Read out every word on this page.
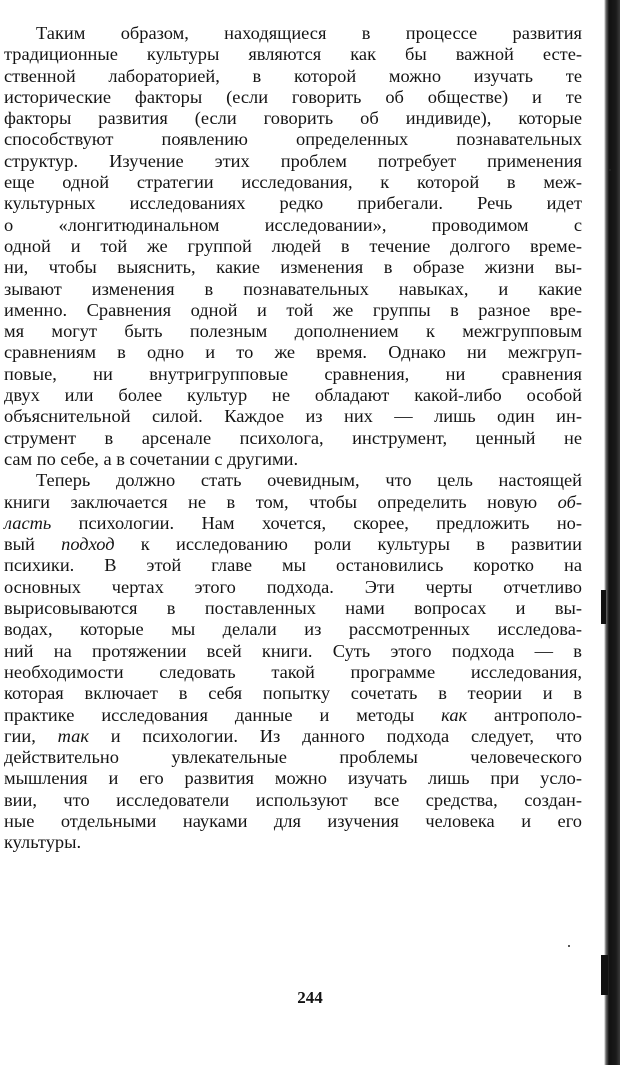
Таким образом, находящиеся в процессе развития
традиционные культуры являются как бы важной есте-
ственной лабораторией, в которой можно изучать те
исторические факторы (если говорить об обществе) и те
факторы развития (если говорить об индивиде), которые
способствуют появлению определенных познавательных
структур. Изучение этих проблем потребует применения
еще одной стратегии исследования, к которой в меж-
культурных исследованиях редко прибегали. Речь идет
о «лонгитюдинальном исследовании», проводимом с
одной и той же группой людей в течение долгого време-
ни, чтобы выяснить, какие изменения в образе жизни вы-
зывают изменения в познавательных навыках, и какие
именно. Сравнения одной и той же группы в разное вре-
мя могут быть полезным дополнением к межгрупповым
сравнениям в одно и то же время. Однако ни межгруп-
повые, ни внутригрупповые сравнения, ни сравнения
двух или более культур не обладают какой-либо особой
объяснительной силой. Каждое из них — лишь один ин-
струмент в арсенале психолога, инструмент, ценный не
сам по себе, а в сочетании с другими.
Теперь должно стать очевидным, что цель настоящей
книги заключается не в том, чтобы определить новую об-
ласть психологии. Нам хочется, скорее, предложить но-
вый подход к исследованию роли культуры в развитии
психики. В этой главе мы остановились коротко на
основных чертах этого подхода. Эти черты отчетливо
вырисовываются в поставленных нами вопросах и вы-
водах, которые мы делали из рассмотренных исследова-
ний на протяжении всей книги. Суть этого подхода — в
необходимости следовать такой программе исследования,
которая включает в себя попытку сочетать в теории и в
практике исследования данные и методы как антрополо-
гии, так и психологии. Из данного подхода следует, что
действительно увлекательные проблемы человеческого
мышления и его развития можно изучать лишь при усло-
вии, что исследователи используют все средства, создан-
ные отдельными науками для изучения человека и его
культуры.
244
